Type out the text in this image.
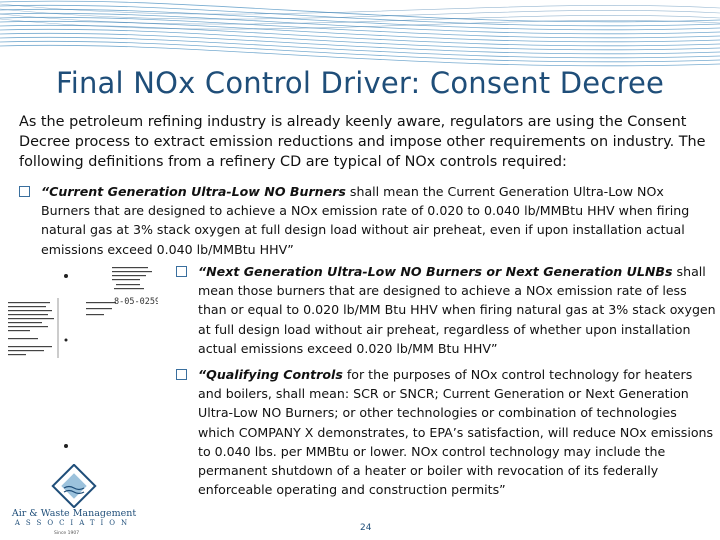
Final NOx Control Driver: Consent Decree
As the petroleum refining industry is already keenly aware, regulators are using the Consent Decree process to extract emission reductions and impose other requirements on industry. The following definitions from a refinery CD are typical of NOx controls required:

“Current Generation Ultra-Low NO Burners shall mean the Current Generation Ultra-Low NOx Burners that are designed to achieve a NOx emission rate of 0.020 to 0.040 lb/MMBtu HHV when firing natural gas at 3% stack oxygen at full design load without air preheat, even if upon installation actual emissions exceed 0.040 lb/MMBtu HHV”

“Next Generation Ultra-Low NO Burners or Next Generation ULNBs shall mean those burners that are designed to achieve a NOx emission rate of less than or equal to 0.020 lb/MM Btu HHV when firing natural gas at 3% stack oxygen at full design load without air preheat, regardless of whether upon installation actual emissions exceed 0.020 lb/MM Btu HHV”

“Qualifying Controls for the purposes of NOx control technology for heaters and boilers, shall mean: SCR or SNCR; Current Generation or Next Generation Ultra-Low NO Burners; or other technologies or combination of technologies which COMPANY X demonstrates, to EPA’s satisfaction, will reduce NOx emissions to 0.040 lbs. per MMBtu or lower. NOx control technology may include the permanent shutdown of a heater or boiler with revocation of its federally enforceable operating and construction permits”

8-05-0259
Air & Waste Management
ASSOCIATION
Since 1907
24
